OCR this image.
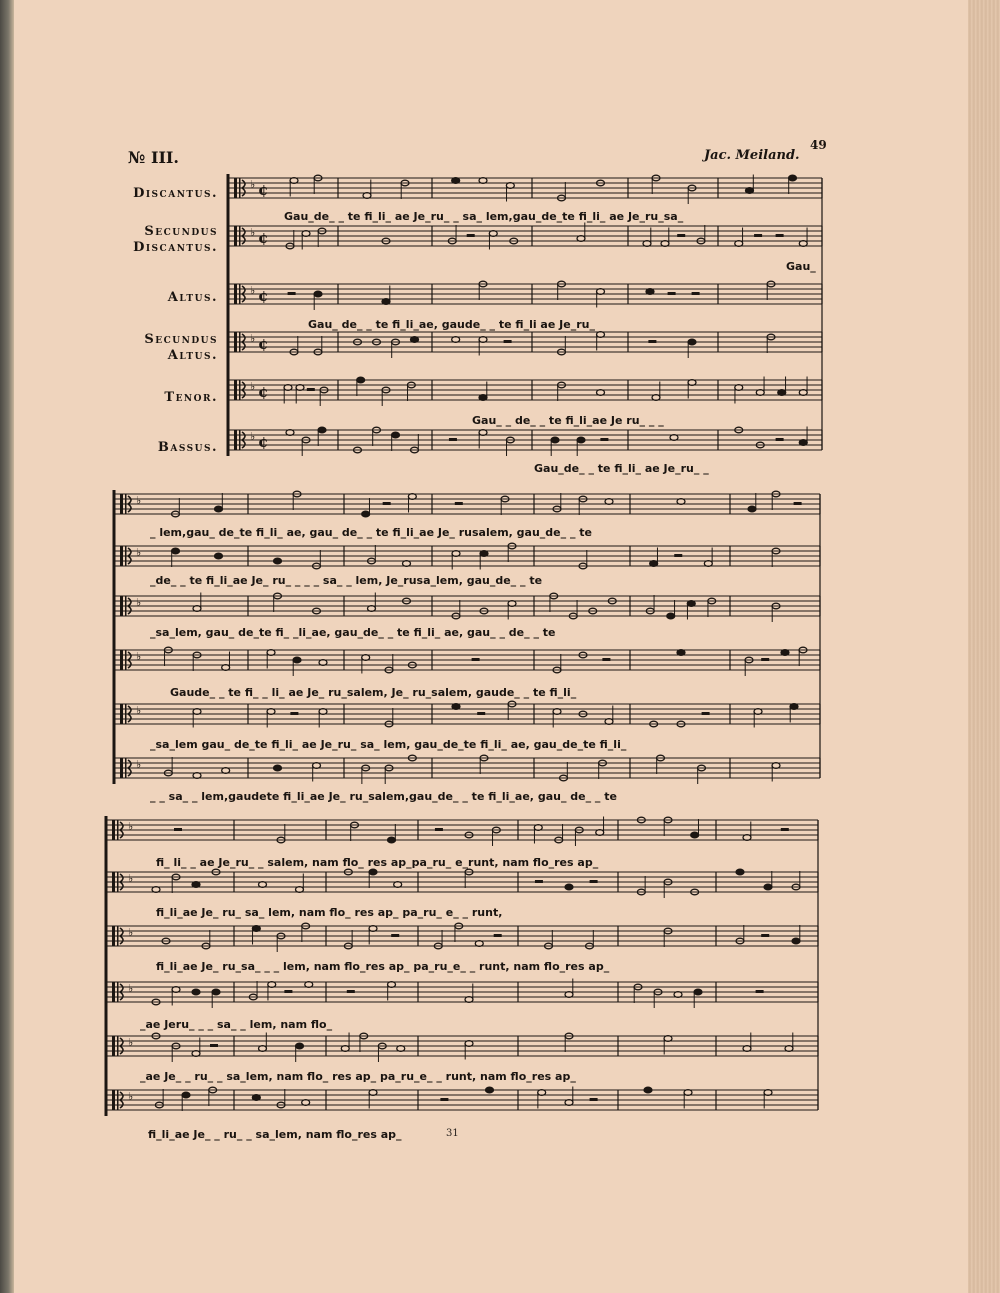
№ III.	Jac. Meiland.
49
31
Discantus.
Secundus
Discantus.
Altus.
Secundus
Altus.
Tenor.
Bassus.
♭ ¢
♭ ¢
♭ ¢
♭ ¢
♭ ¢
♭ ¢
♭
♭
♭
♭
♭
♭
♭
♭
♭
♭
♭
♭
Gau_de_ _ te fi_li_ ae Je_ru_ _ sa_ lem,gau_de_te fi_li_ ae Je_ru_sa_
Gau_
Gau_ de_ _ te fi_li_ae, gaude_ _ te fi_li ae Je_ru_
Gau_ _ de_ _ te fi_li_ae Je ru_ _ _
Gau_de_ _ te fi_li_ ae Je_ru_ _
_ lem,gau_ de_te fi_li_ ae, gau_ de_ _ te fi_li_ae Je_ rusalem, gau_de_ _ te
_de_ _ te fi_li_ae Je_ ru_ _ _ _ sa_ _ lem, Je_rusa_lem, gau_de_ _ te
_sa_lem, gau_ de_te fi_ _li_ae, gau_de_ _ te fi_li_ ae, gau_ _ de_ _ te
Gaude_ _ te fi_ _ li_ ae Je_ ru_salem, Je_ ru_salem, gaude_ _ te fi_li_
_sa_lem gau_ de_te fi_li_ ae Je_ru_ sa_ lem, gau_de_te fi_li_ ae, gau_de_te fi_li_
_ _ sa_ _ lem,gaudete fi_li_ae Je_ ru_salem,gau_de_ _ te fi_li_ae, gau_ de_ _ te
fi_ li_ _ ae Je_ru_ _ salem, nam flo_ res ap_pa_ru_ e_runt, nam flo_res ap_
fi_li_ae Je_ ru_ sa_ lem, nam flo_ res ap_ pa_ru_ e_ _ runt,
fi_li_ae Je_ ru_sa_ _ _ lem, nam flo_res ap_ pa_ru_e_ _ runt, nam flo_res ap_
_ae Jeru_ _ _ sa_ _ lem, nam flo_
_ae Je_ _ ru_ _ sa_lem, nam flo_ res ap_ pa_ru_e_ _ runt, nam flo_res ap_
fi_li_ae Je_ _ ru_ _ sa_lem, nam flo_res ap_
